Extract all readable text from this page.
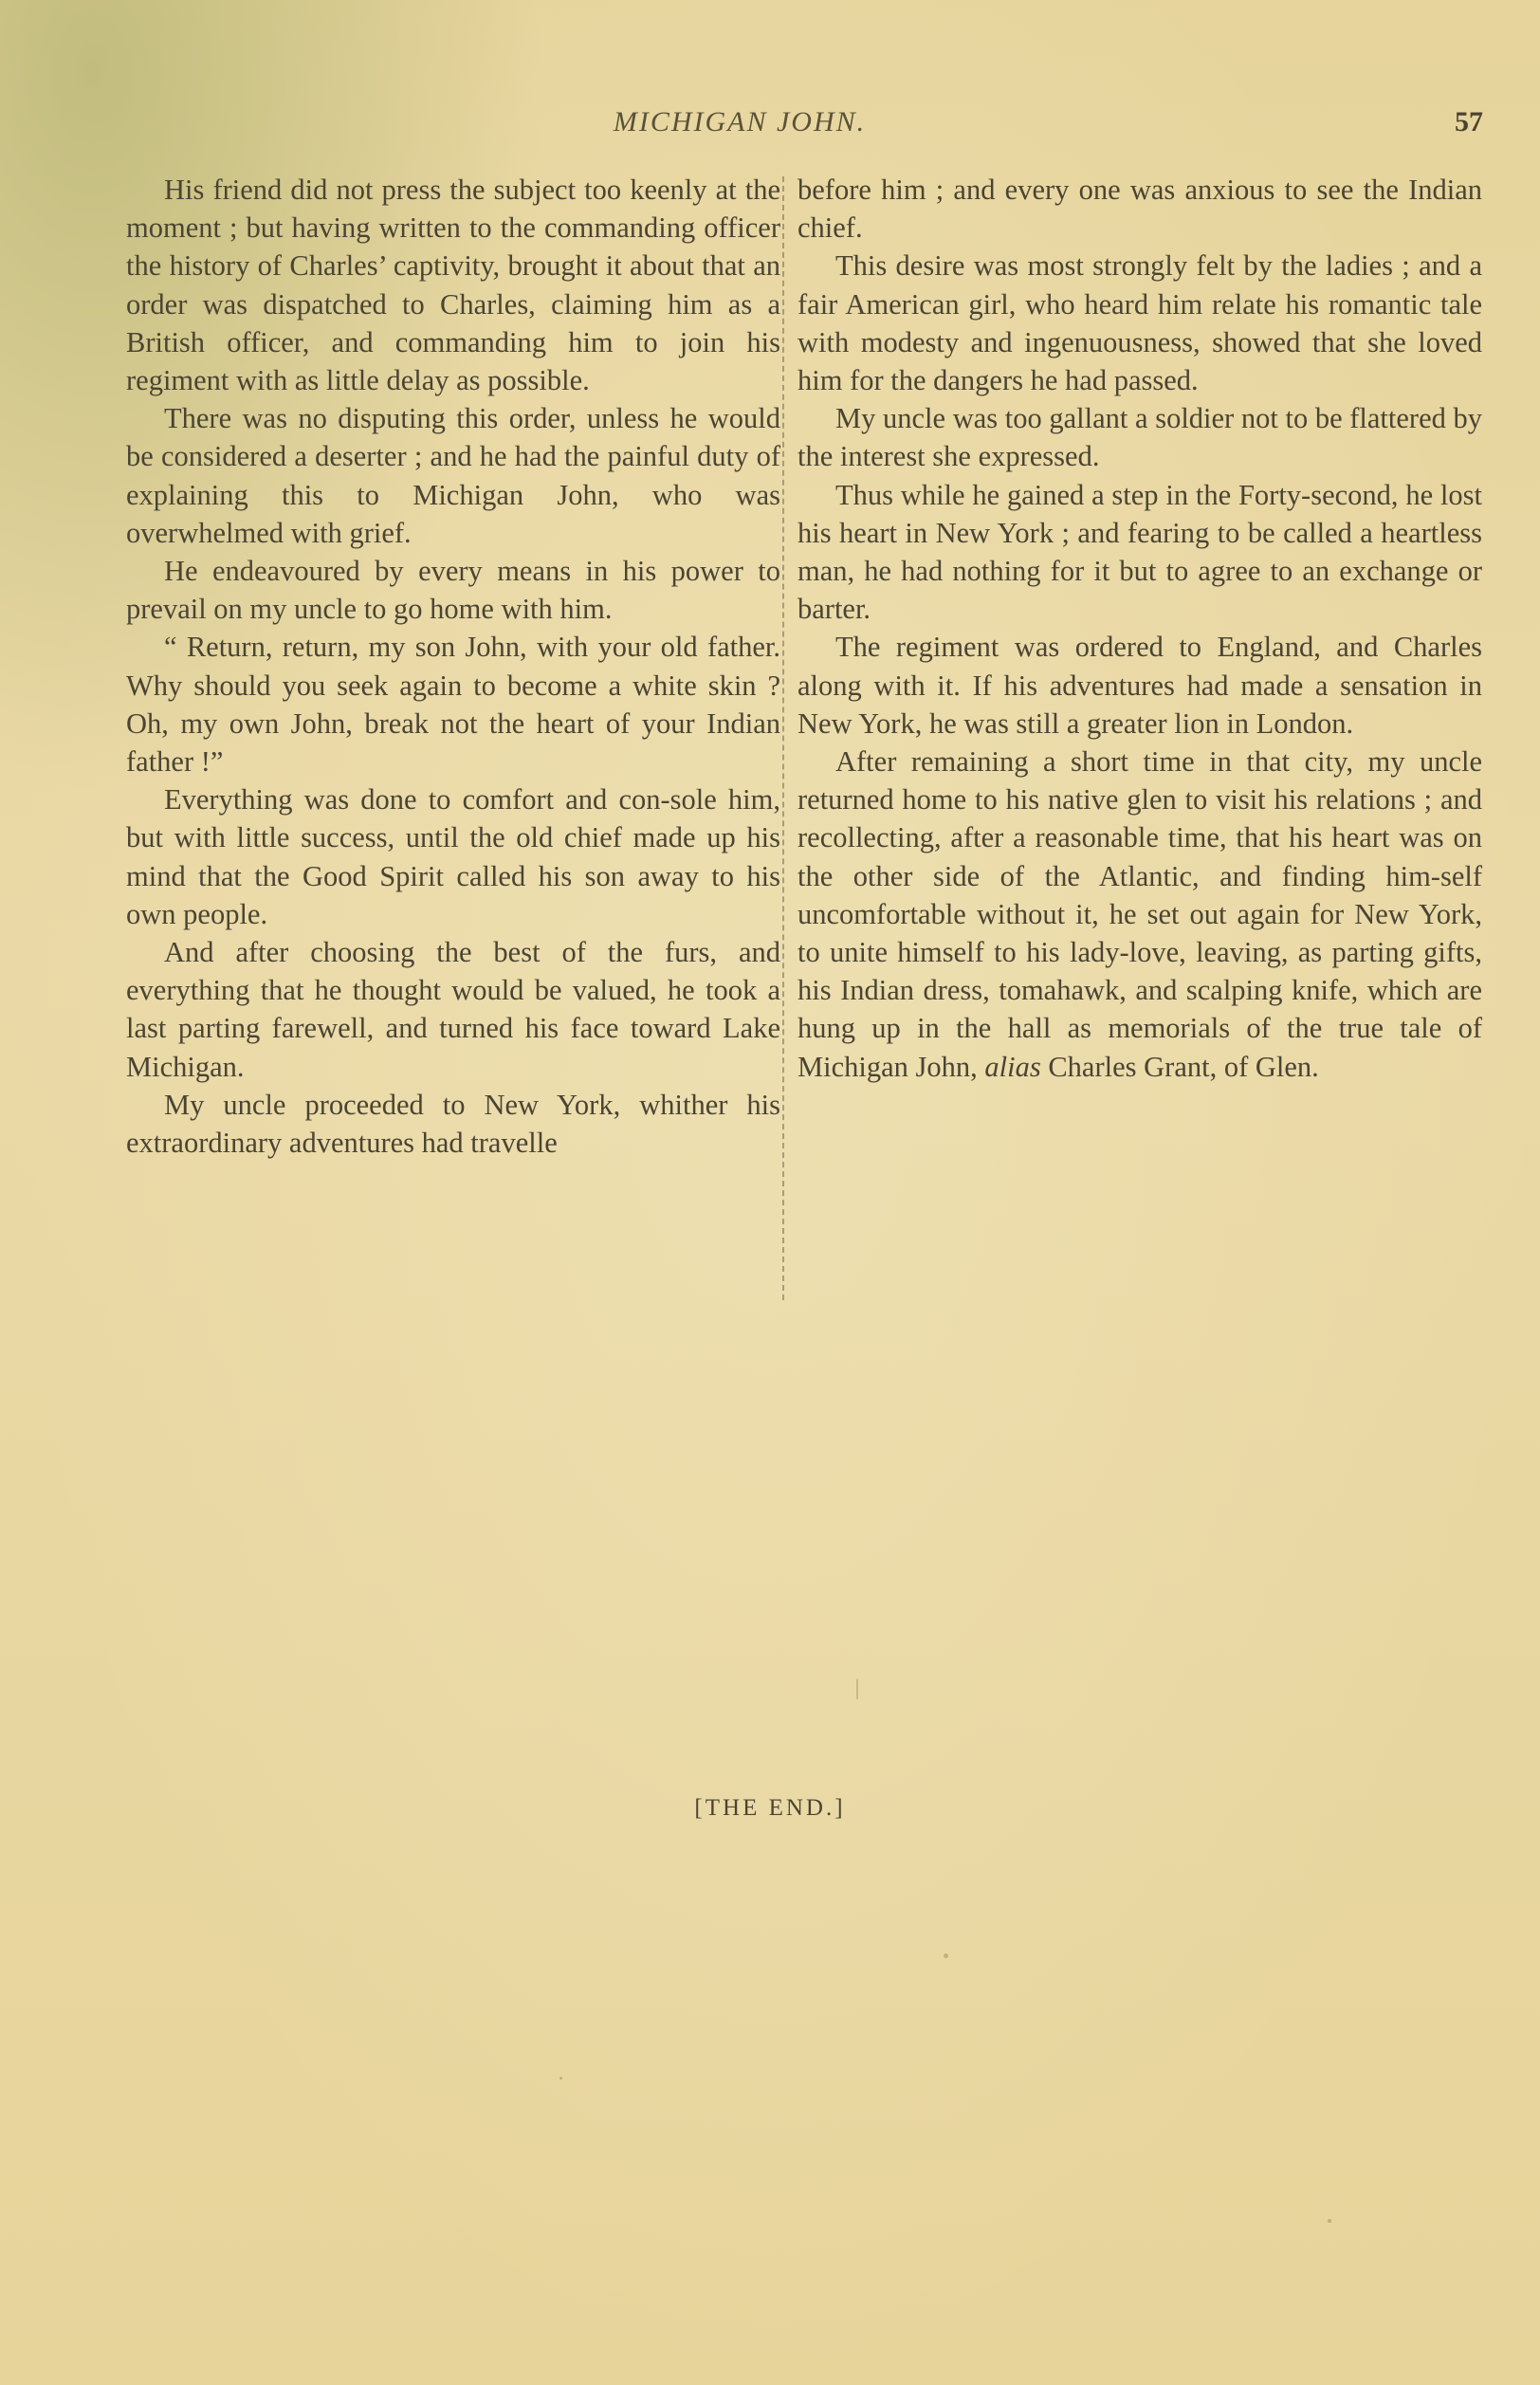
MICHIGAN JOHN.	57

His friend did not press the subject too keenly at the moment ; but having written to the commanding officer the history of Charles’ captivity, brought it about that an order was dispatched to Charles, claiming him as a British officer, and commanding him to join his regiment with as little delay as possible.

There was no disputing this order, unless he would be considered a deserter ; and he had the painful duty of explaining this to Michigan John, who was overwhelmed with grief.

He endeavoured by every means in his power to prevail on my uncle to go home with him.

“ Return, return, my son John, with your old father. Why should you seek again to become a white skin ? Oh, my own John, break not the heart of your Indian father !”

Everything was done to comfort and con-sole him, but with little success, until the old chief made up his mind that the Good Spirit called his son away to his own people.

And after choosing the best of the furs, and everything that he thought would be valued, he took a last parting farewell, and turned his face toward Lake Michigan.

My uncle proceeded to New York, whither his extraordinary adventures had travelle

before him ; and every one was anxious to see the Indian chief.

This desire was most strongly felt by the ladies ; and a fair American girl, who heard him relate his romantic tale with modesty and ingenuousness, showed that she loved him for the dangers he had passed.

My uncle was too gallant a soldier not to be flattered by the interest she expressed.

Thus while he gained a step in the Forty-second, he lost his heart in New York ; and fearing to be called a heartless man, he had nothing for it but to agree to an exchange or barter.

The regiment was ordered to England, and Charles along with it. If his adventures had made a sensation in New York, he was still a greater lion in London.

After remaining a short time in that city, my uncle returned home to his native glen to visit his relations ; and recollecting, after a reasonable time, that his heart was on the other side of the Atlantic, and finding him-self uncomfortable without it, he set out again for New York, to unite himself to his lady-love, leaving, as parting gifts, his Indian dress, tomahawk, and scalping knife, which are hung up in the hall as memorials of the true tale of Michigan John, alias Charles Grant, of Glen.

[THE END.]
